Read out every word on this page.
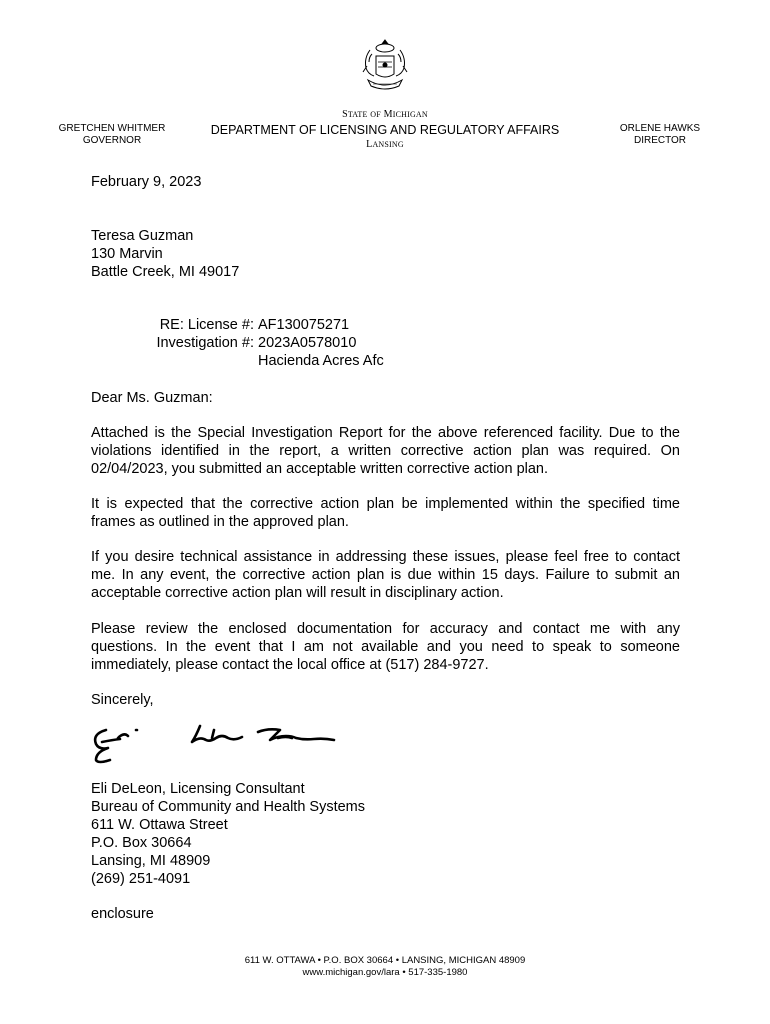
GRETCHEN WHITMER
GOVERNOR
STATE OF MICHIGAN
DEPARTMENT OF LICENSING AND REGULATORY AFFAIRS
LANSING
ORLENE HAWKS
DIRECTOR
February 9, 2023
Teresa Guzman
130 Marvin
Battle Creek, MI 49017
RE: License #: AF130075271
Investigation #: 2023A0578010
Hacienda Acres Afc
Dear Ms. Guzman:

Attached is the Special Investigation Report for the above referenced facility. Due to the violations identified in the report, a written corrective action plan was required. On 02/04/2023, you submitted an acceptable written corrective action plan.

It is expected that the corrective action plan be implemented within the specified time frames as outlined in the approved plan.

If you desire technical assistance in addressing these issues, please feel free to contact me. In any event, the corrective action plan is due within 15 days. Failure to submit an acceptable corrective action plan will result in disciplinary action.

Please review the enclosed documentation for accuracy and contact me with any questions. In the event that I am not available and you need to speak to someone immediately, please contact the local office at (517) 284-9727.

Sincerely,
Eli DeLeon, Licensing Consultant
Bureau of Community and Health Systems
611 W. Ottawa Street
P.O. Box 30664
Lansing, MI 48909
(269) 251-4091
enclosure
611 W. OTTAWA • P.O. BOX 30664 • LANSING, MICHIGAN 48909
www.michigan.gov/lara • 517-335-1980
